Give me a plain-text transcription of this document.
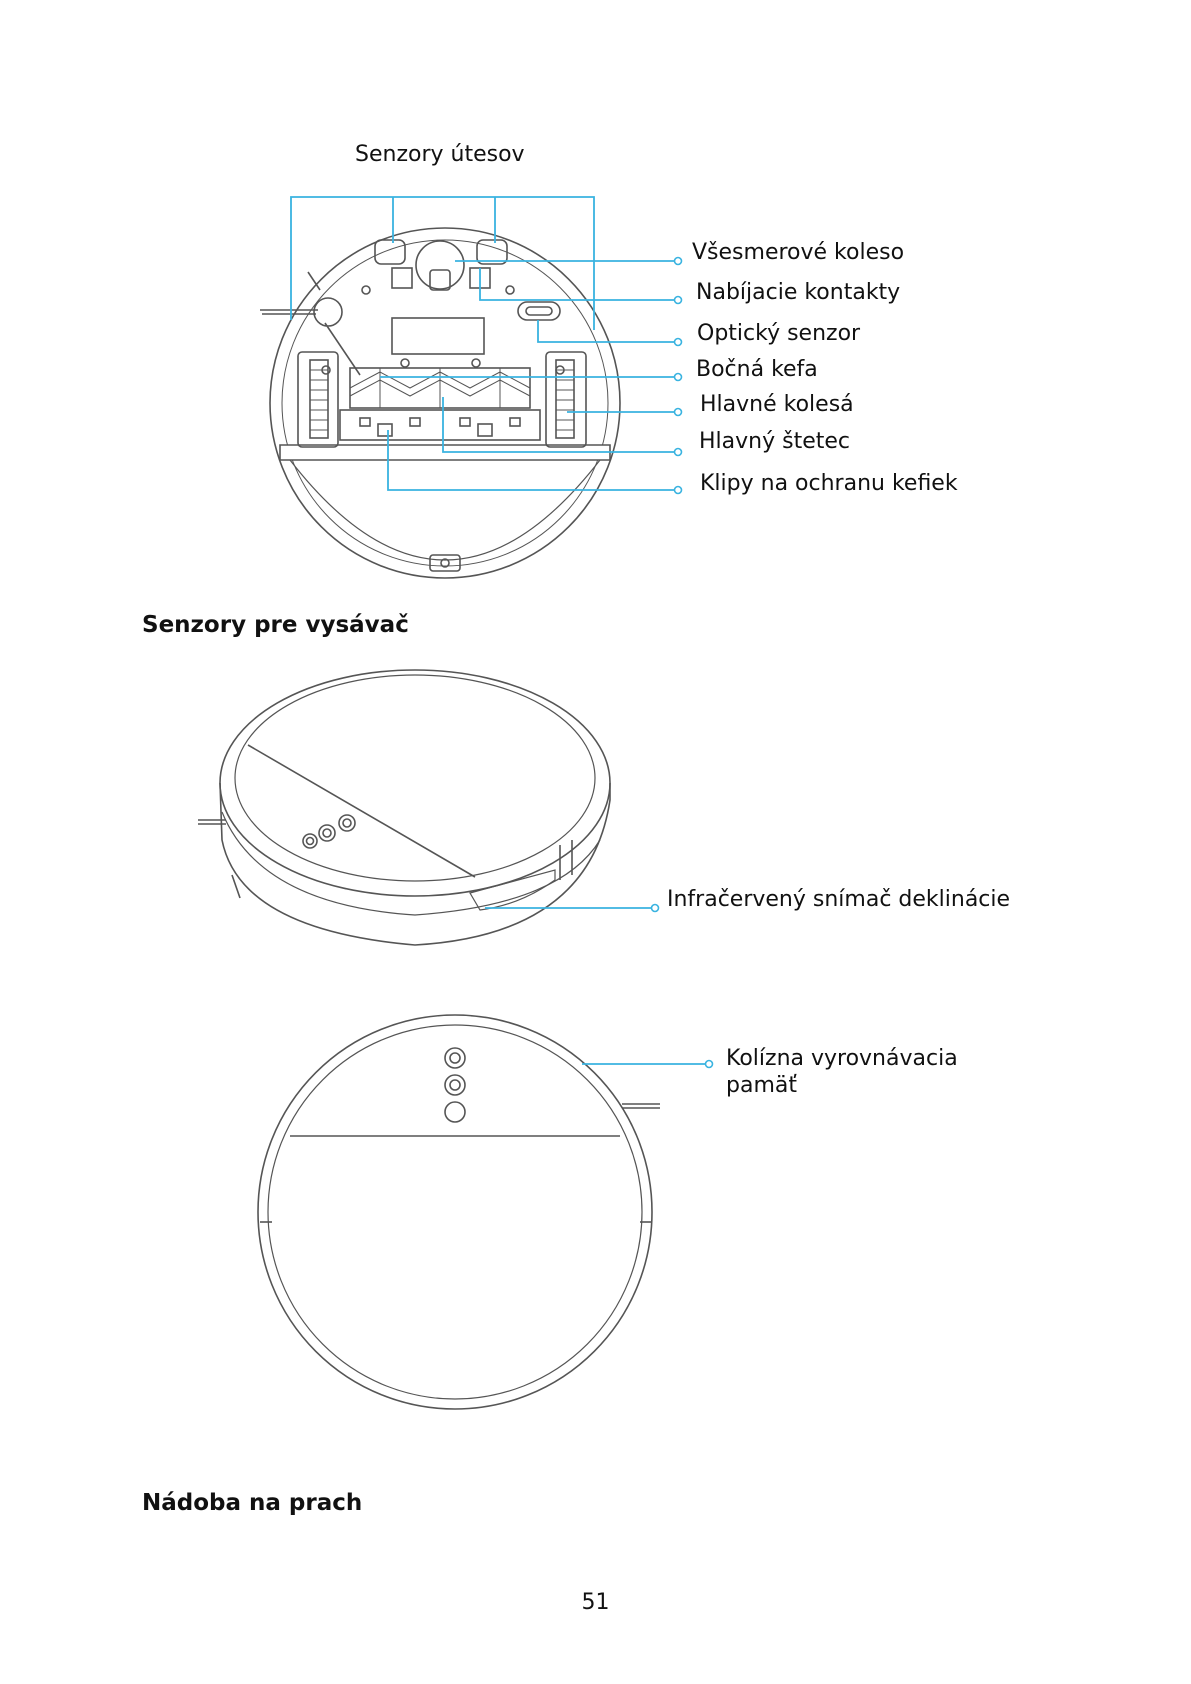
Senzory útesov
Všesmerové koleso
Nabíjacie kontakty
Optický senzor
Bočná kefa
Hlavné kolesá
Hlavný štetec
Klipy na ochranu kefiek
Senzory pre vysávač
Infračervený snímač deklinácie
Kolízna vyrovnávacia
pamäť
Nádoba na prach
51
